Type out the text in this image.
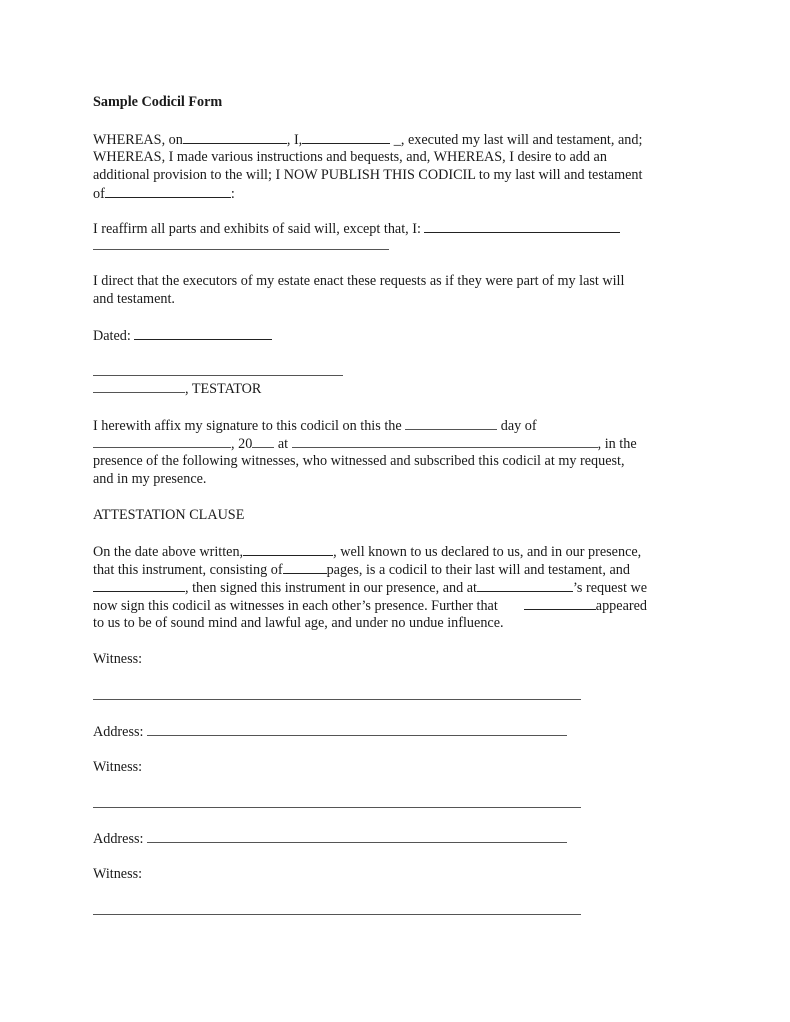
Sample Codicil Form
WHEREAS, on	, I,	_, executed my last will and testament, and;
WHEREAS, I made various instructions and bequests, and, WHEREAS, I desire to add an
additional provision to the will; I NOW PUBLISH THIS CODICIL to my last will and testament
of	:
I reaffirm all parts and exhibits of said will, except that, I:
I direct that the executors of my estate enact these requests as if they were part of my last will
and testament.
Dated:
, TESTATOR
I herewith affix my signature to this codicil on this the	day of
, 20 at	, in the
presence of the following witnesses, who witnessed and subscribed this codicil at my request,
and in my presence.
ATTESTATION CLAUSE
On the date above written,	, well known to us declared to us, and in our presence,
that this instrument, consisting of	pages, is a codicil to their last will and testament, and
, then signed this instrument in our presence, and at	’s request we
now sign this codicil as witnesses in each other’s presence. Further that	appeared
to us to be of sound mind and lawful age, and under no undue influence.
Witness:
Address:
Witness:
Address:
Witness:
